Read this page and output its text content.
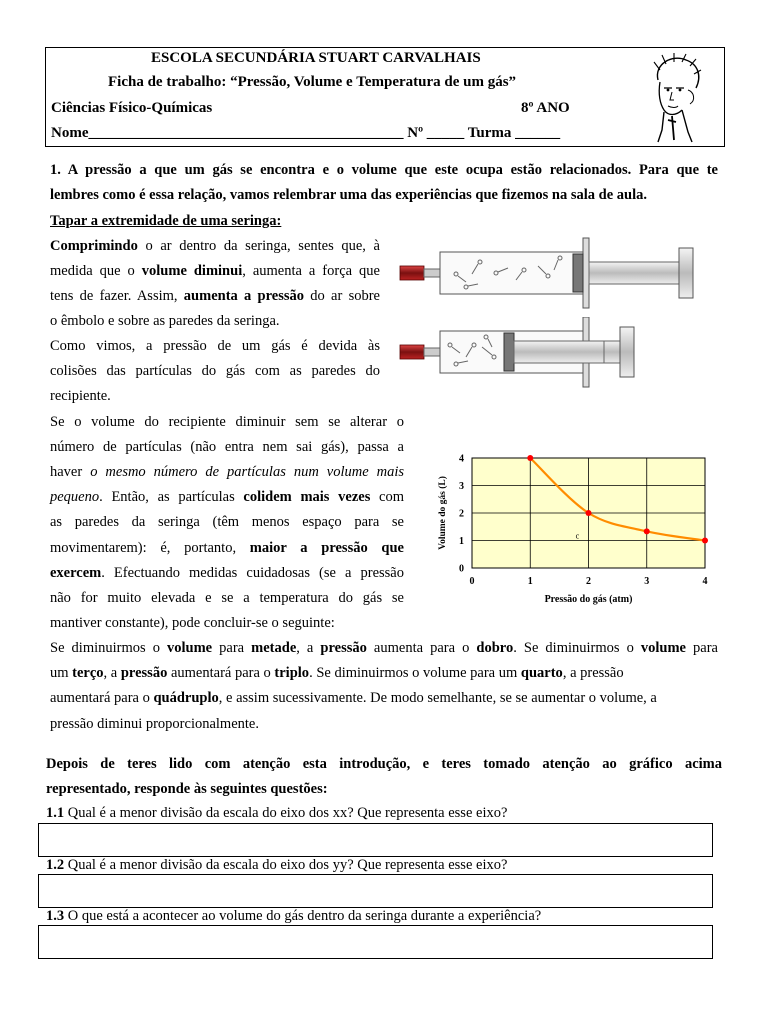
ESCOLA SECUNDÁRIA STUART CARVALHAIS
Ficha de trabalho: “Pressão, Volume e Temperatura de um gás”
Ciências Físico-Químicas	8º ANO
Nome__________________________________________ Nº _____ Turma ______
1. A pressão a que um gás se encontra e o volume que este ocupa estão relacionados. Para que te
lembres como é essa relação, vamos relembrar uma das experiências que fizemos na sala de aula.
Tapar a extremidade de uma seringa:
Comprimindo o ar dentro da seringa, sentes que, à
medida que o volume diminui, aumenta a força que
tens de fazer. Assim, aumenta a pressão do ar sobre
o êmbolo e sobre as paredes da seringa.
Como vimos, a pressão de um gás é devida às
colisões das partículas do gás com as paredes do
recipiente.
Se o volume do recipiente diminuir sem se alterar o
número de partículas (não entra nem sai gás), passa a
haver o mesmo número de partículas num volume mais
pequeno. Então, as partículas colidem mais vezes com
as paredes da seringa (têm menos espaço para se
movimentarem): é, portanto, maior a pressão que
exercem. Efectuando medidas cuidadosas (se a pressão
não for muito elevada e se a temperatura do gás se
mantiver constante), pode concluir-se o seguinte:
Se diminuirmos o volume para metade, a pressão aumenta para o dobro. Se diminuirmos o volume para
um terço, a pressão aumentará para o triplo. Se diminuirmos o volume para um quarto, a pressão
aumentará para o quádruplo, e assim sucessivamente. De modo semelhante, se se aumentar o volume, a
pressão diminui proporcionalmente.
0	1	2	3	4
0
1
2
3
4
c
Pressão do gás (atm)
Volume do gás (L)
Depois de teres lido com atenção esta introdução, e teres tomado atenção ao gráfico acima
representado, responde às seguintes questões:
1.1 Qual é a menor divisão da escala do eixo dos xx? Que representa esse eixo?
1.2 Qual é a menor divisão da escala do eixo dos yy? Que representa esse eixo?
1.3 O que está a acontecer ao volume do gás dentro da seringa durante a experiência?
